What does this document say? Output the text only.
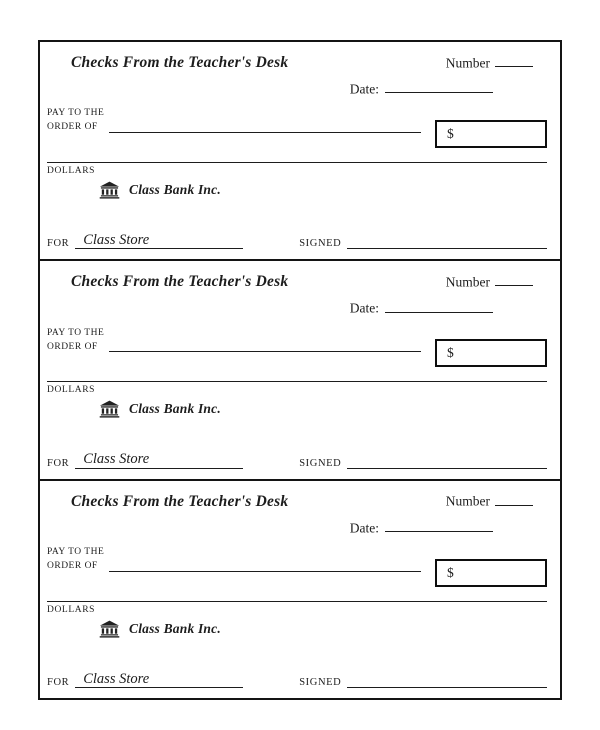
Checks From the Teacher's Desk	Number
Date:
PAY TO THE
ORDER OF	$
DOLLARS
Class Bank Inc.
FOR Class Store	SIGNED
Checks From the Teacher's Desk	Number
Date:
PAY TO THE
ORDER OF	$
DOLLARS
Class Bank Inc.
FOR Class Store	SIGNED
Checks From the Teacher's Desk	Number
Date:
PAY TO THE
ORDER OF	$
DOLLARS
Class Bank Inc.
FOR Class Store	SIGNED
